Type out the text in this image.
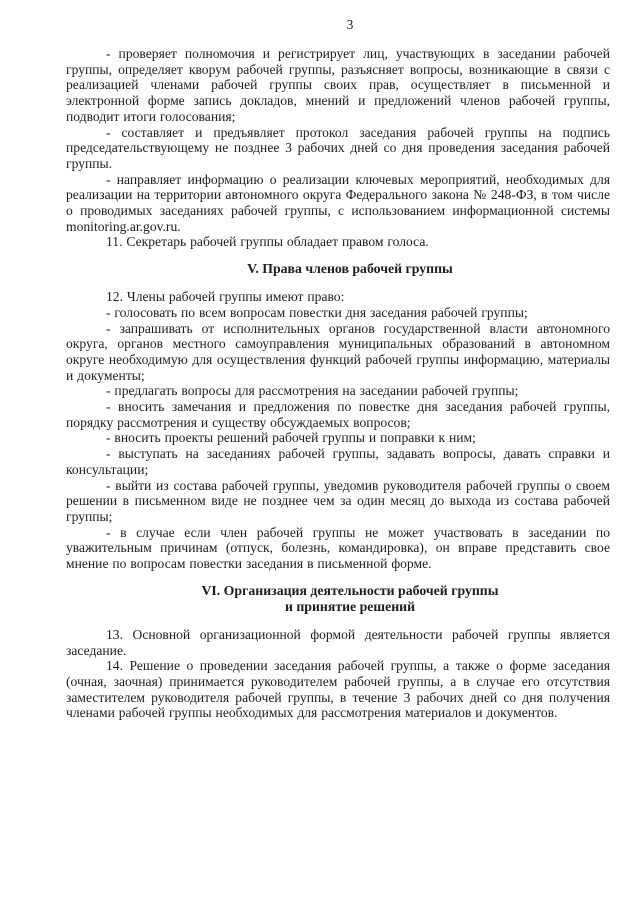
3

- проверяет полномочия и регистрирует лиц, участвующих в заседании рабочей группы, определяет кворум рабочей группы, разъясняет вопросы, возникающие в связи с реализацией членами рабочей группы своих прав, осуществляет в письменной и электронной форме запись докладов, мнений и предложений членов рабочей группы, подводит итоги голосования;

- составляет и предъявляет протокол заседания рабочей группы на подпись председательствующему не позднее 3 рабочих дней со дня проведения заседания рабочей группы.

- направляет информацию о реализации ключевых мероприятий, необходимых для реализации на территории автономного округа Федерального закона № 248-ФЗ, в том числе о проводимых заседаниях рабочей группы, с использованием информационной системы monitoring.ar.gov.ru.

11. Секретарь рабочей группы обладает правом голоса.

V. Права членов рабочей группы

12. Члены рабочей группы имеют право:

- голосовать по всем вопросам повестки дня заседания рабочей группы;

- запрашивать от исполнительных органов государственной власти автономного округа, органов местного самоуправления муниципальных образований в автономном округе необходимую для осуществления функций рабочей группы информацию, материалы и документы;

- предлагать вопросы для рассмотрения на заседании рабочей группы;

- вносить замечания и предложения по повестке дня заседания рабочей группы, порядку рассмотрения и существу обсуждаемых вопросов;

- вносить проекты решений рабочей группы и поправки к ним;

- выступать на заседаниях рабочей группы, задавать вопросы, давать справки и консультации;

- выйти из состава рабочей группы, уведомив руководителя рабочей группы о своем решении в письменном виде не позднее чем за один месяц до выхода из состава рабочей группы;

- в случае если член рабочей группы не может участвовать в заседании по уважительным причинам (отпуск, болезнь, командировка), он вправе представить свое мнение по вопросам повестки заседания в письменной форме.

VI. Организация деятельности рабочей группы
и принятие решений

13. Основной организационной формой деятельности рабочей группы является заседание.

14. Решение о проведении заседания рабочей группы, а также о форме заседания (очная, заочная) принимается руководителем рабочей группы, а в случае его отсутствия заместителем руководителя рабочей группы, в течение 3 рабочих дней со дня получения членами рабочей группы необходимых для рассмотрения материалов и документов.
